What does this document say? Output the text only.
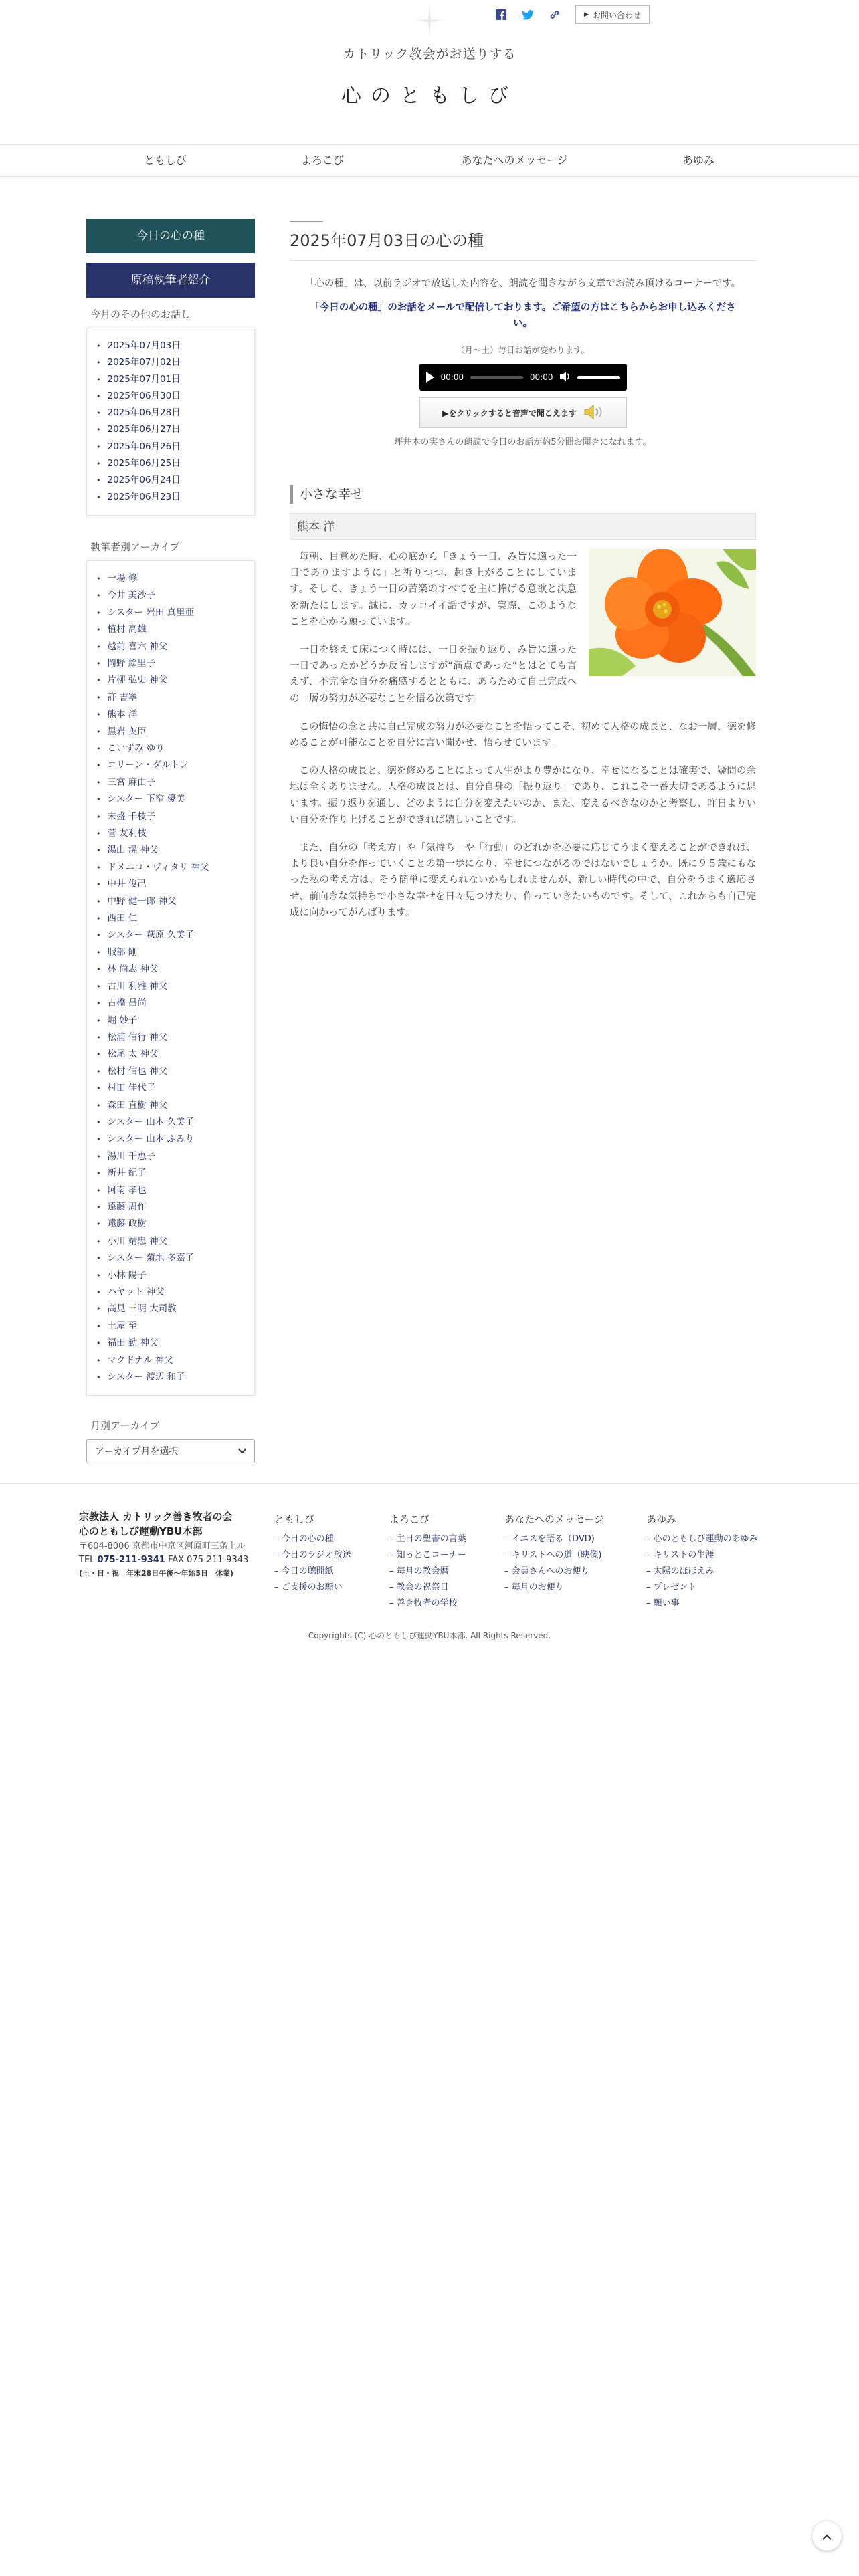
▶ お問い合わせ
カトリック教会がお送りする
心のともしび
ともしび	よろこび	あなたへのメッセージ	あゆみ
今日の心の種
原稿執筆者紹介
今月のその他のお話し
• 2025年07月03日
• 2025年07月02日
• 2025年07月01日
• 2025年06月30日
• 2025年06月28日
• 2025年06月27日
• 2025年06月26日
• 2025年06月25日
• 2025年06月24日
• 2025年06月23日
執筆者別アーカイブ
• 一場 修
• 今井 美沙子
• シスター 岩田 真里亜
• 植村 高雄
• 越前 喜六 神父
• 岡野 絵里子
• 片柳 弘史 神父
• 許 書寧
• 熊本 洋
• 黒岩 英臣
• こいずみ ゆり
• コリーン・ダルトン
• 三宮 麻由子
• シスター 下窄 優美
• 末盛 千枝子
• 菅 友利枝
• 湯山 滉 神父
• ドメニコ・ヴィタリ 神父
• 中井 俊己
• 中野 健一郎 神父
• 西田 仁
• シスター 萩原 久美子
• 服部 剛
• 林 尚志 神父
• 古川 利雅 神父
• 古橋 昌尚
• 堀 妙子
• 松浦 信行 神父
• 松尾 太 神父
• 松村 信也 神父
• 村田 佳代子
• 森田 直樹 神父
• シスター 山本 久美子
• シスター 山本 ふみり
• 湯川 千恵子
• 新井 紀子
• 阿南 孝也
• 遠藤 周作
• 遠藤 政樹
• 小川 靖忠 神父
• シスター 菊地 多嘉子
• 小林 陽子
• ハヤット 神父
• 高見 三明 大司教
• 土屋 至
• 福田 勤 神父
• マクドナル 神父
• シスター 渡辺 和子
月別アーカイブ
アーカイブ月を選択
2025年07月03日の心の種
「心の種」は、以前ラジオで放送した内容を、朗読を聞きながら文章でお読み頂けるコーナーです。
「今日の心の種」のお話をメールで配信しております。ご希望の方はこちらからお申し込みください。
（月〜土）毎日お話が変わります。
00:00	00:00
▶をクリックすると音声で聞こえます
坪井木の実さんの朗読で今日のお話が約5分間お聞きになれます。
小さな幸せ
熊本 洋

毎朝、目覚めた時、心の底から「きょう一日、み旨に適った一日でありますように」と祈りつつ、起き上がることにしています。そして、きょう一日の苦楽のすべてを主に捧げる意欲と決意を新たにします。誠に、カッコイイ話ですが、実際、このようなことを心から願っています。

一日を終えて床につく時には、一日を振り返り、み旨に適った一日であったかどうか反省しますが“満点であった”とはとても言えず、不完全な自分を痛感するとともに、あらためて自己完成への一層の努力が必要なことを悟る次第です。

この悔悟の念と共に自己完成の努力が必要なことを悟ってこそ、初めて人格の成長と、なお一層、徳を修めることが可能なことを自分に言い聞かせ、悟らせています。

この人格の成長と、徳を修めることによって人生がより豊かになり、幸せになることは確実で、疑問の余地は全くありません。人格の成長とは、自分自身の「振り返り」であり、これこそ一番大切であるように思います。振り返りを通し、どのように自分を変えたいのか、また、変えるべきなのかと考察し、昨日よりいい自分を作り上げることができれば嬉しいことです。

また、自分の「考え方」や「気持ち」や「行動」のどれかを必要に応じてうまく変えることができれば、より良い自分を作っていくことの第一歩になり、幸せにつながるのではないでしょうか。既に９５歳にもなった私の考え方は、そう簡単に変えられないかもしれませんが、新しい時代の中で、自分をうまく適応させ、前向きな気持ちで小さな幸せを日々見つけたり、作っていきたいものです。そして、これからも自己完成に向かってがんばります。

宗教法人 カトリック善き牧者の会
心のともしび運動YBU本部
〒604-8006 京都市中京区河原町三条上ル
TEL 075-211-9341 FAX 075-211-9343
(土・日・祝　年末28日午後〜年始5日　休業)
ともしび
– 今日の心の種
– 今日のラジオ放送
– 今日の聴開紙
– ご支援のお願い
よろこび
– 主日の聖書の言葉
– 知っとこコーナー
– 毎月の教会暦
– 教会の祝祭日
– 善き牧者の学校
あなたへのメッセージ
– イエスを語る（DVD)
– キリストへの道（映像)
– 会員さんへのお便り
– 毎月のお便り
あゆみ
– 心のともしび運動のあゆみ
– キリストの生涯
– 太陽のほほえみ
– プレゼント
– 願い事
Copyrights (C) 心のともしび運動YBU本部. All Rights Reserved.
